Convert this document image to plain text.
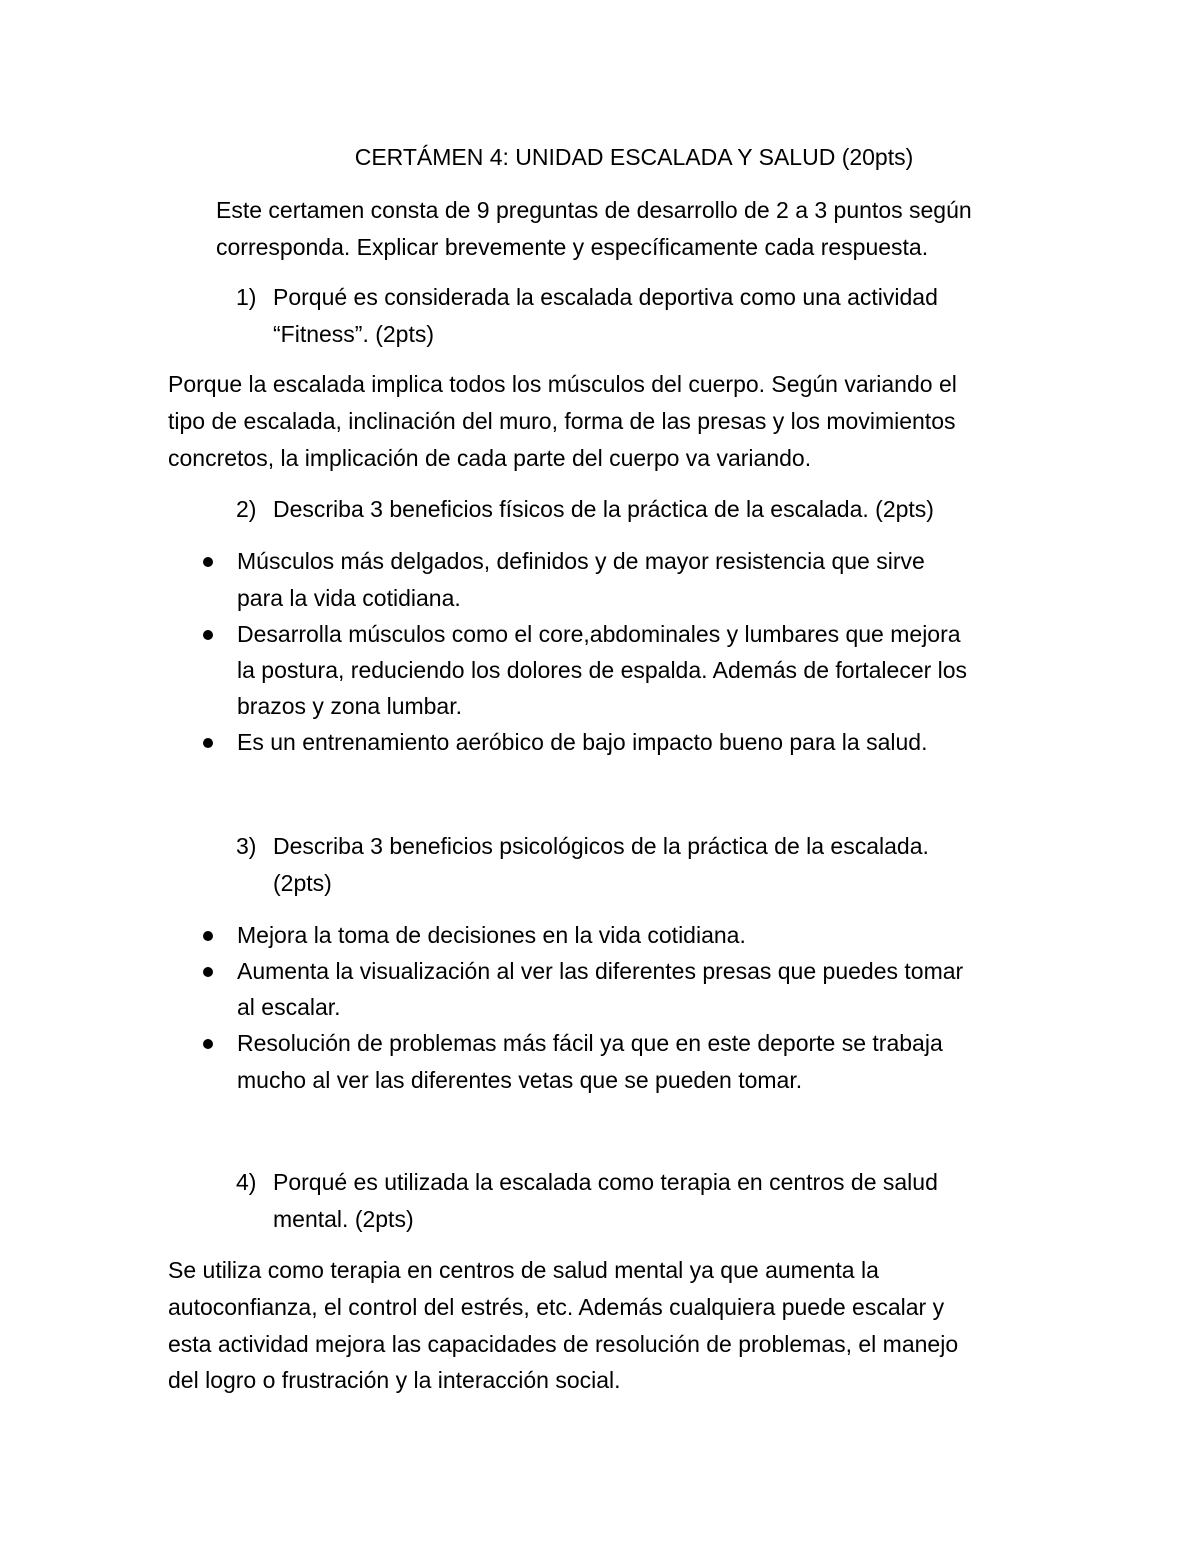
CERTÁMEN 4: UNIDAD ESCALADA Y SALUD (20pts)

Este certamen consta de 9 preguntas de desarrollo de 2 a 3 puntos según

corresponda. Explicar brevemente y específicamente cada respuesta.

1) Porqué es considerada la escalada deportiva como una actividad

“Fitness”. (2pts)

Porque la escalada implica todos los músculos del cuerpo. Según variando el

tipo de escalada, inclinación del muro, forma de las presas y los movimientos

concretos, la implicación de cada parte del cuerpo va variando.

2) Describa 3 beneficios físicos de la práctica de la escalada. (2pts)

Músculos más delgados, definidos y de mayor resistencia que sirve

para la vida cotidiana.

Desarrolla músculos como el core,abdominales y lumbares que mejora

la postura, reduciendo los dolores de espalda. Además de fortalecer los

brazos y zona lumbar.

Es un entrenamiento aeróbico de bajo impacto bueno para la salud.

3) Describa 3 beneficios psicológicos de la práctica de la escalada.

(2pts)

Mejora la toma de decisiones en la vida cotidiana.

Aumenta la visualización al ver las diferentes presas que puedes tomar

al escalar.

Resolución de problemas más fácil ya que en este deporte se trabaja

mucho al ver las diferentes vetas que se pueden tomar.

4) Porqué es utilizada la escalada como terapia en centros de salud

mental. (2pts)

Se utiliza como terapia en centros de salud mental ya que aumenta la

autoconfianza, el control del estrés, etc. Además cualquiera puede escalar y

esta actividad mejora las capacidades de resolución de problemas, el manejo

del logro o frustración y la interacción social.
